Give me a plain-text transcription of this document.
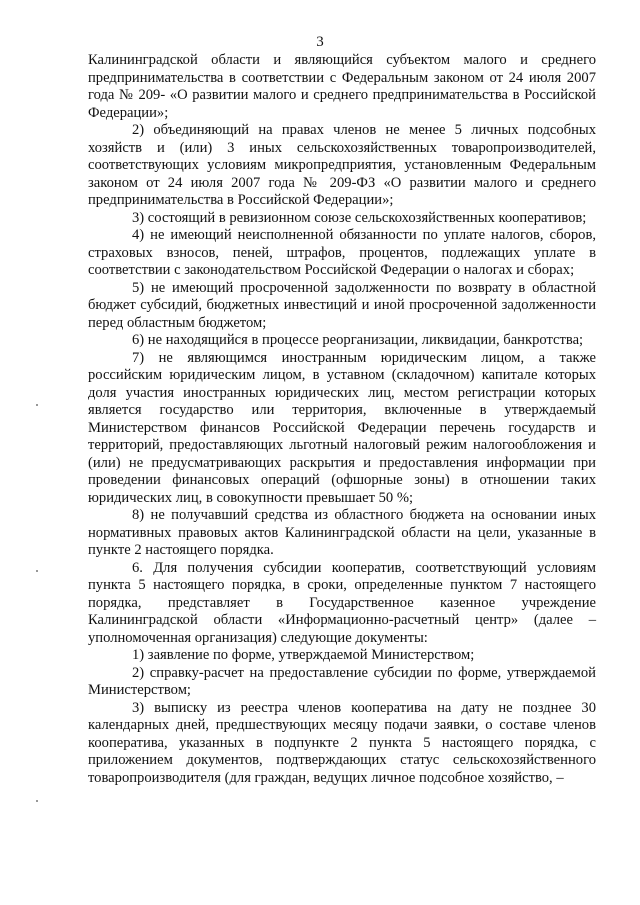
3

Калининградской области и являющийся субъектом малого и среднего предпринимательства в соответствии с Федеральным законом от 24 июля 2007 года № 209- «О развитии малого и среднего предпринимательства в Российской Федерации»;

2) объединяющий на правах членов не менее 5 личных подсобных хозяйств и (или) 3 иных сельскохозяйственных товаропроизводителей, соответствующих условиям микропредприятия, установленным Федеральным законом от 24 июля 2007 года № 209-ФЗ «О развитии малого и среднего предпринимательства в Российской Федерации»;

3) состоящий в ревизионном союзе сельскохозяйственных кооперативов;

4) не имеющий неисполненной обязанности по уплате налогов, сборов, страховых взносов, пеней, штрафов, процентов, подлежащих уплате в соответствии с законодательством Российской Федерации о налогах и сборах;

5) не имеющий просроченной задолженности по возврату в областной бюджет субсидий, бюджетных инвестиций и иной просроченной задолженности перед областным бюджетом;

6) не находящийся в процессе реорганизации, ликвидации, банкротства;

7) не являющимся иностранным юридическим лицом, а также российским юридическим лицом, в уставном (складочном) капитале которых доля участия иностранных юридических лиц, местом регистрации которых является государство или территория, включенные в утверждаемый Министерством финансов Российской Федерации перечень государств и территорий, предоставляющих льготный налоговый режим налогообложения и (или) не предусматривающих раскрытия и предоставления информации при проведении финансовых операций (офшорные зоны) в отношении таких юридических лиц, в совокупности превышает 50 %;

8) не получавший средства из областного бюджета на основании иных нормативных правовых актов Калининградской области на цели, указанные в пункте 2 настоящего порядка.

6. Для получения субсидии кооператив, соответствующий условиям пункта 5 настоящего порядка, в сроки, определенные пунктом 7 настоящего порядка, представляет в Государственное казенное учреждение Калининградской области «Информационно-расчетный центр» (далее – уполномоченная организация) следующие документы:

1) заявление по форме, утверждаемой Министерством;

2) справку-расчет на предоставление субсидии по форме, утверждаемой Министерством;

3) выписку из реестра членов кооператива на дату не позднее 30 календарных дней, предшествующих месяцу подачи заявки, о составе членов кооператива, указанных в подпункте 2 пункта 5 настоящего порядка, с приложением документов, подтверждающих статус сельскохозяйственного товаропроизводителя (для граждан, ведущих личное подсобное хозяйство, –
